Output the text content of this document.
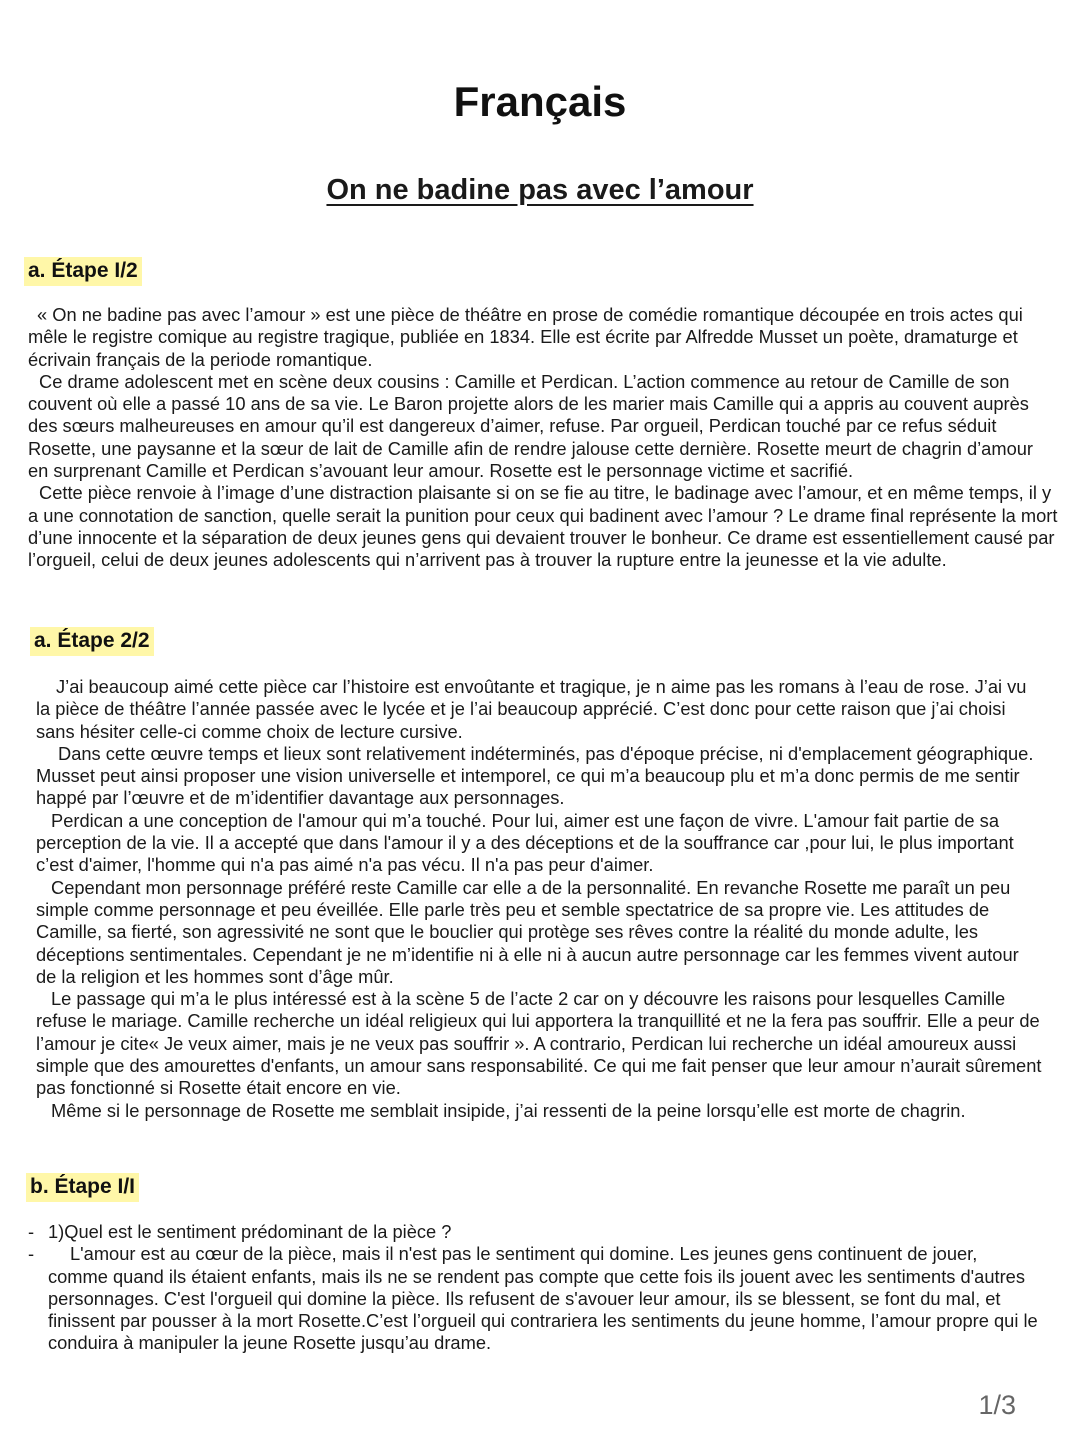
Français
On ne badine pas avec l’amour
a. Étape I/2

« On ne badine pas avec l’amour » est une pièce de théâtre en prose de comédie romantique découpée en trois actes qui mêle le registre comique au registre tragique, publiée en 1834. Elle est écrite par Alfredde Musset un poète, dramaturge et écrivain français de la periode romantique.

Ce drame adolescent met en scène deux cousins : Camille et Perdican. L’action commence au retour de Camille de son couvent où elle a passé 10 ans de sa vie. Le Baron projette alors de les marier mais Camille qui a appris au couvent auprès des sœurs malheureuses en amour qu’il est dangereux d’aimer, refuse. Par orgueil, Perdican touché par ce refus séduit Rosette, une paysanne et la sœur de lait de Camille afin de rendre jalouse cette dernière. Rosette meurt de chagrin d’amour en surprenant Camille et Perdican s’avouant leur amour. Rosette est le personnage victime et sacrifié.

Cette pièce renvoie à l’image d’une distraction plaisante si on se fie au titre, le badinage avec l’amour, et en même temps, il y a une connotation de sanction, quelle serait la punition pour ceux qui badinent avec l’amour ? Le drame final représente la mort d’une innocente et la séparation de deux jeunes gens qui devaient trouver le bonheur. Ce drame est essentiellement causé par l’orgueil, celui de deux jeunes adolescents qui n’arrivent pas à trouver la rupture entre la jeunesse et la vie adulte.

a. Étape 2/2

J’ai beaucoup aimé cette pièce car l’histoire est envoûtante et tragique, je n aime pas les romans à l’eau de rose. J’ai vu la pièce de théâtre l’année passée avec le lycée et je l’ai beaucoup apprécié. C’est donc pour cette raison que j’ai choisi sans hésiter celle-ci comme choix de lecture cursive.

Dans cette œuvre temps et lieux sont relativement indéterminés, pas d'époque précise, ni d'emplacement géographique. Musset peut ainsi proposer une vision universelle et intemporel, ce qui m’a beaucoup plu et m’a donc permis de me sentir happé par l’œuvre et de m’identifier davantage aux personnages.

Perdican a une conception de l'amour qui m’a touché. Pour lui, aimer est une façon de vivre. L'amour fait partie de sa perception de la vie. Il a accepté que dans l'amour il y a des déceptions et de la souffrance car ,pour lui, le plus important c’est d'aimer, l'homme qui n'a pas aimé n'a pas vécu. Il n'a pas peur d'aimer.

Cependant mon personnage préféré reste Camille car elle a de la personnalité. En revanche Rosette me paraît un peu simple comme personnage et peu éveillée. Elle parle très peu et semble spectatrice de sa propre vie. Les attitudes de Camille, sa fierté, son agressivité ne sont que le bouclier qui protège ses rêves contre la réalité du monde adulte, les déceptions sentimentales. Cependant je ne m’identifie ni à elle ni à aucun autre personnage car les femmes vivent autour de la religion et les hommes sont d’âge mûr.

Le passage qui m’a le plus intéressé est à la scène 5 de l’acte 2 car on y découvre les raisons pour lesquelles Camille refuse le mariage. Camille recherche un idéal religieux qui lui apportera la tranquillité et ne la fera pas souffrir. Elle a peur de l’amour je cite« Je veux aimer, mais je ne veux pas souffrir ». A contrario, Perdican lui recherche un idéal amoureux aussi simple que des amourettes d'enfants, un amour sans responsabilité. Ce qui me fait penser que leur amour n’aurait sûrement pas fonctionné si Rosette était encore en vie.

Même si le personnage de Rosette me semblait insipide, j’ai ressenti de la peine lorsqu’elle est morte de chagrin.

b. Étape I/I
- 1)Quel est le sentiment prédominant de la pièce ?
-	L'amour est au cœur de la pièce, mais il n'est pas le sentiment qui domine. Les jeunes gens continuent de jouer, comme quand ils étaient enfants, mais ils ne se rendent pas compte que cette fois ils jouent avec les sentiments d'autres personnages. C'est l'orgueil qui domine la pièce. Ils refusent de s'avouer leur amour, ils se blessent, se font du mal, et finissent par pousser à la mort Rosette.C’est l’orgueil qui contrariera les sentiments du jeune homme, l’amour propre qui le conduira à manipuler la jeune Rosette jusqu’au drame.
1/3
